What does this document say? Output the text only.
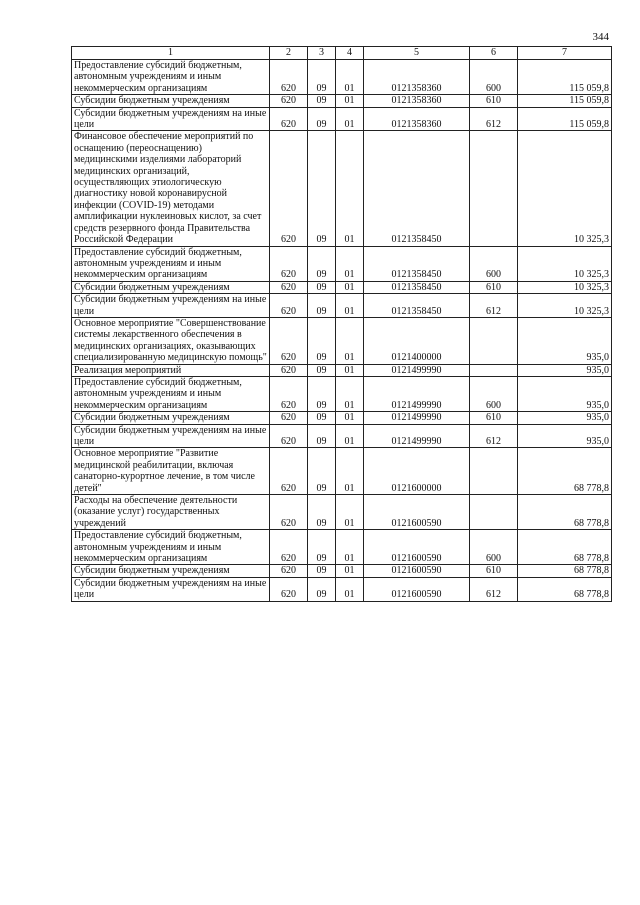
344
1	2	3	4	5	6	7
Предоставление субсидий бюджетным, автономным учреждениям и иным некоммерческим организациям	620	09	01	0121358360	600	115 059,8
Субсидии бюджетным учреждениям	620	09	01	0121358360	610	115 059,8
Субсидии бюджетным учреждениям на иные цели	620	09	01	0121358360	612	115 059,8
Финансовое обеспечение мероприятий по оснащению (переоснащению) медицинскими изделиями лабораторий медицинских организаций, осуществляющих этиологическую диагностику новой коронавирусной инфекции (COVID-19) методами амплификации нуклеиновых кислот, за счет средств резервного фонда Правительства Российской Федерации	620	09	01	0121358450		10 325,3
Предоставление субсидий бюджетным, автономным учреждениям и иным некоммерческим организациям	620	09	01	0121358450	600	10 325,3
Субсидии бюджетным учреждениям	620	09	01	0121358450	610	10 325,3
Субсидии бюджетным учреждениям на иные цели	620	09	01	0121358450	612	10 325,3
Основное мероприятие "Совершенствование системы лекарственного обеспечения в медицинских организациях, оказывающих специализированную медицинскую помощь"	620	09	01	0121400000		935,0
Реализация мероприятий	620	09	01	0121499990		935,0
Предоставление субсидий бюджетным, автономным учреждениям и иным некоммерческим организациям	620	09	01	0121499990	600	935,0
Субсидии бюджетным учреждениям	620	09	01	0121499990	610	935,0
Субсидии бюджетным учреждениям на иные цели	620	09	01	0121499990	612	935,0
Основное мероприятие "Развитие медицинской реабилитации, включая санаторно-курортное лечение, в том числе детей"	620	09	01	0121600000		68 778,8
Расходы на обеспечение деятельности (оказание услуг) государственных учреждений	620	09	01	0121600590		68 778,8
Предоставление субсидий бюджетным, автономным учреждениям и иным некоммерческим организациям	620	09	01	0121600590	600	68 778,8
Субсидии бюджетным учреждениям	620	09	01	0121600590	610	68 778,8
Субсидии бюджетным учреждениям на иные цели	620	09	01	0121600590	612	68 778,8
